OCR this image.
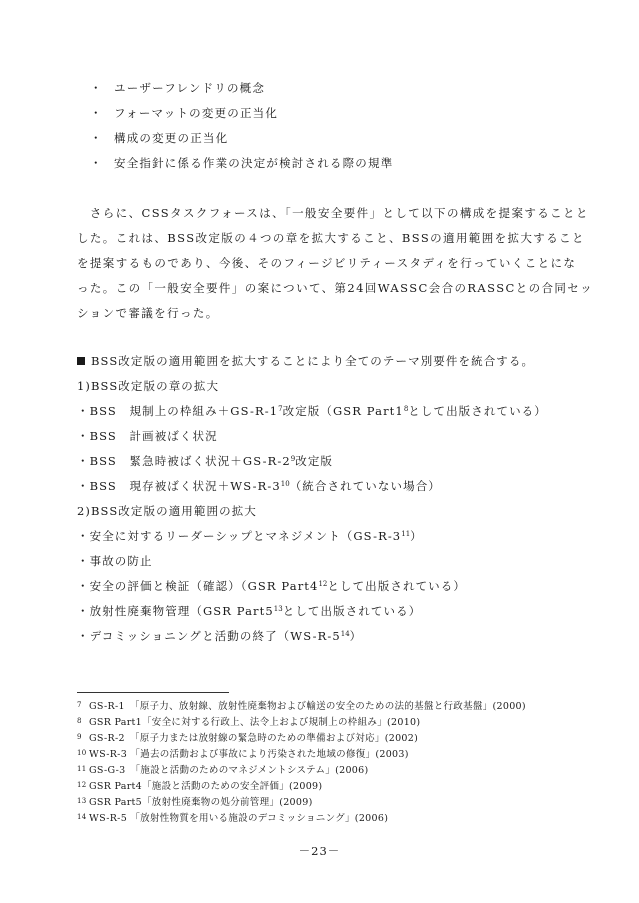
・ ユーザーフレンドリの概念
・ フォーマットの変更の正当化
・ 構成の変更の正当化
・ 安全指針に係る作業の決定が検討される際の規準
　さらに、CSSタスクフォースは、「一般安全要件」として以下の構成を提案することと
した。これは、BSS改定版の４つの章を拡大すること、BSSの適用範囲を拡大すること
を提案するものであり、今後、そのフィージビリティースタディを行っていくことにな
った。この「一般安全要件」の案について、第24回WASSC会合のRASSCとの合同セッ
ションで審議を行った。
BSS改定版の適用範囲を拡大することにより全てのテーマ別要件を統合する。
1)BSS改定版の章の拡大
・BSS　規制上の枠組み$+GS-R-1^7$改定版（GSR $Part1^8$として出版されている）
・BSS　計画被ばく状況
・BSS　緊急時被ばく状況$+GS-R-2^9$改定版
・BSS　現存被ばく状況$+WS-R-3^{10}$（統合されていない場合）
2)BSS改定版の適用範囲の拡大
・安全に対するリーダーシップとマネジメント$(GS-R-3^{11})$
・事故の防止
・安全の評価と検証（確認）（GSR $Part4^{12}$として出版されている）
・放射性廃棄物管理（GSR $Part5^{13}$として出版されている）
・デコミッショニングと活動の終了$(WS-R-5^{14})$
7 GS-R-1　「原子力、放射線、放射性廃棄物および輸送の安全のための法的基盤と行政基盤」(2000)
8 GSR Part1「安全に対する行政上、法令上および規制上の枠組み」(2010)
9 GS-R-2　「原子力または放射線の緊急時のための準備および対応」(2002)
10 WS-R-3 「過去の活動および事故により汚染された地域の修復」(2003)
11 GS-G-3　「施設と活動のためのマネジメントシステム」(2006)
12 GSR Part4「施設と活動のための安全評価」(2009)
13 GSR Part5「放射性廃棄物の処分前管理」(2009)
14 WS-R-5 「放射性物質を用いる施設のデコミッショニング」(2006)
－23－
